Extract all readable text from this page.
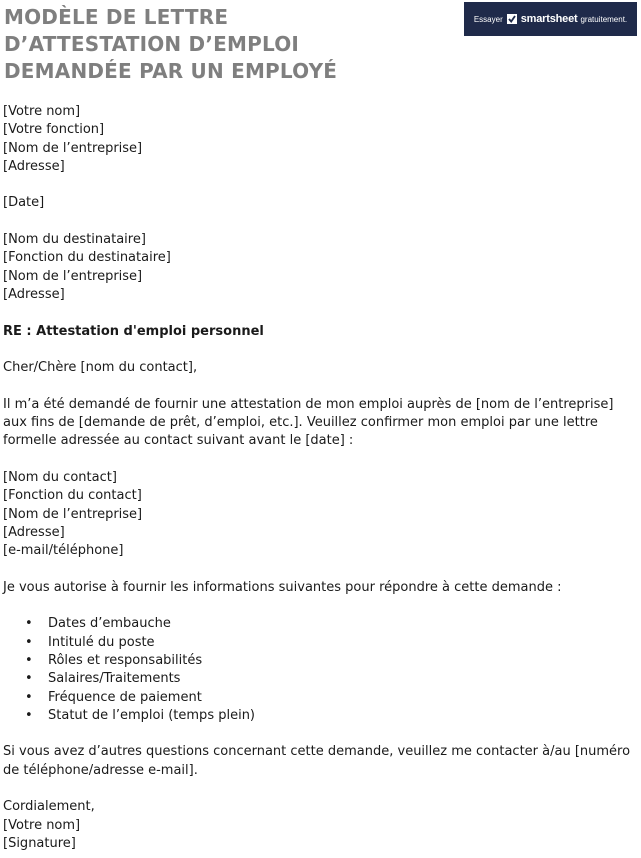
MODÈLE DE LETTRE
D’ATTESTATION D’EMPLOI
DEMANDÉE PAR UN EMPLOYÉ
Essayer smartsheet gratuitement.

[Votre nom]

[Votre fonction]

[Nom de l’entreprise]

[Adresse]

[Date]

[Nom du destinataire]

[Fonction du destinataire]

[Nom de l’entreprise]

[Adresse]

RE : Attestation d'emploi personnel

Cher/Chère [nom du contact],

Il m’a été demandé de fournir une attestation de mon emploi auprès de [nom de l’entreprise] aux fins de [demande de prêt, d’emploi, etc.]. Veuillez confirmer mon emploi par une lettre formelle adressée au contact suivant avant le [date] :

[Nom du contact]

[Fonction du contact]

[Nom de l’entreprise]

[Adresse]

[e-mail/téléphone]

Je vous autorise à fournir les informations suivantes pour répondre à cette demande :

• Dates d’embauche
• Intitulé du poste
• Rôles et responsabilités
• Salaires/Traitements
• Fréquence de paiement
• Statut de l’emploi (temps plein)

Si vous avez d’autres questions concernant cette demande, veuillez me contacter à/au [numéro de téléphone/adresse e-mail].

Cordialement,

[Votre nom]

[Signature]
